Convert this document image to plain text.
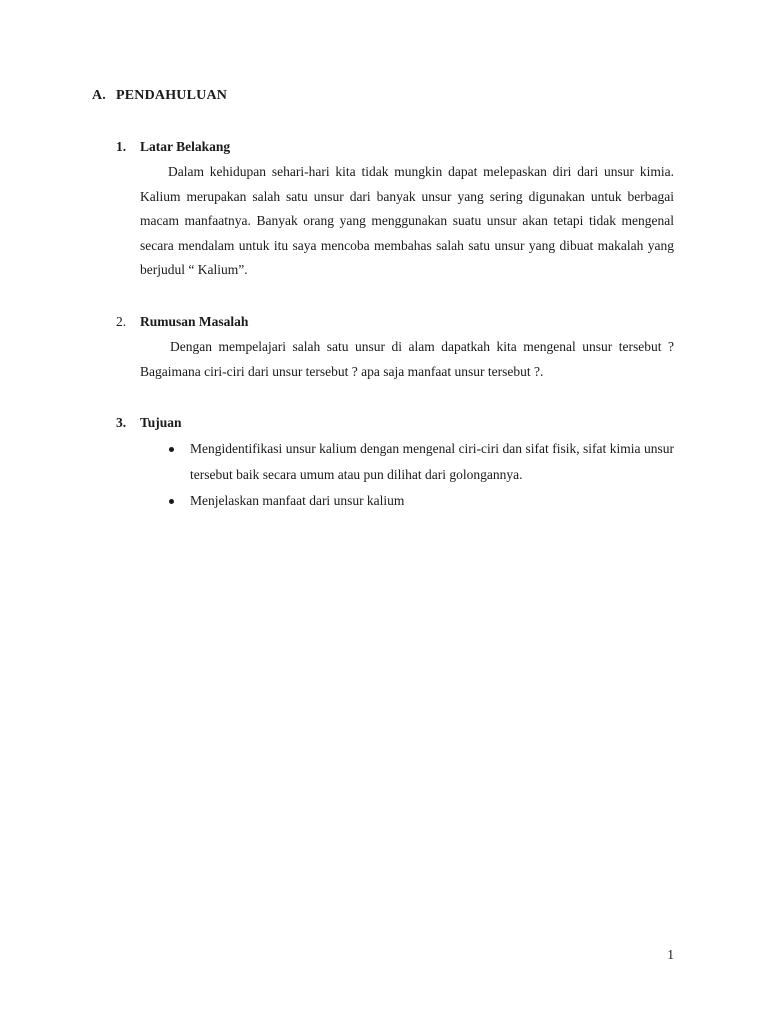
A. PENDAHULUAN
1. Latar Belakang
Dalam kehidupan sehari-hari kita tidak mungkin dapat melepaskan diri dari unsur kimia. Kalium merupakan salah satu unsur dari banyak unsur yang sering digunakan untuk berbagai macam manfaatnya. Banyak orang yang menggunakan suatu unsur akan tetapi tidak mengenal secara mendalam untuk itu saya mencoba membahas salah satu unsur yang dibuat makalah yang berjudul “ Kalium”.
2. Rumusan Masalah
Dengan mempelajari salah satu unsur di alam dapatkah kita mengenal unsur tersebut ? Bagaimana ciri-ciri dari unsur tersebut ? apa saja manfaat unsur tersebut ?.
3. Tujuan
Mengidentifikasi unsur kalium dengan mengenal ciri-ciri dan sifat fisik, sifat kimia unsur tersebut baik secara umum atau pun dilihat dari golongannya.
Menjelaskan manfaat dari unsur kalium
1
